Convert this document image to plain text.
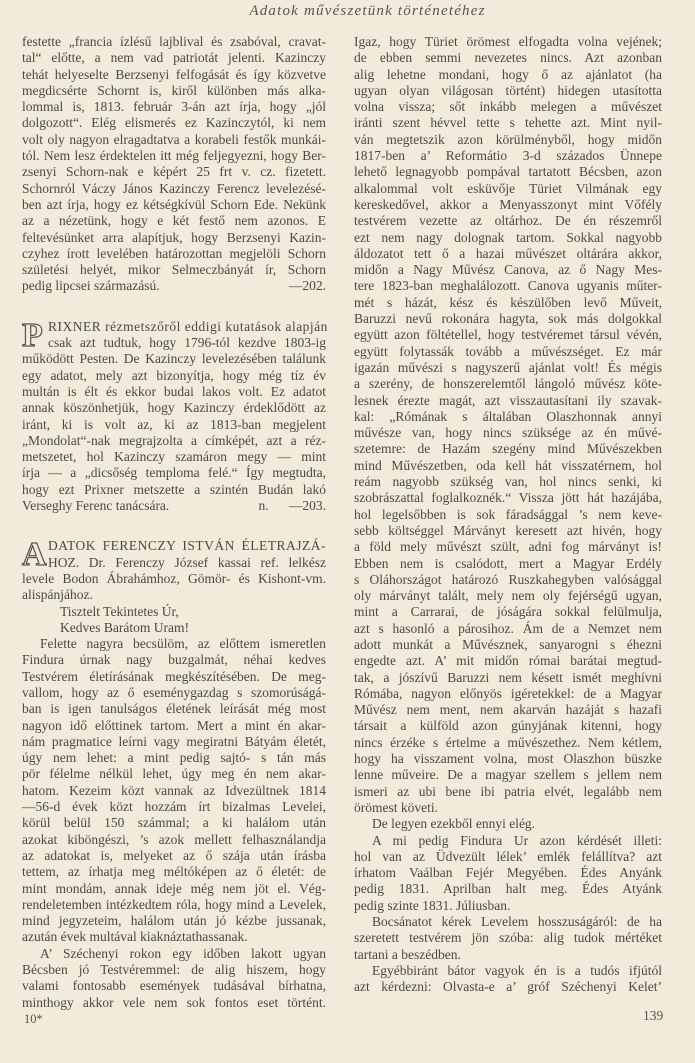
Adatok művészetünk történetéhez
festette „francia ízlésű lajblival és zsabóval, cravat-
tal“ előtte, a nem vad patriotát jelenti. Kazinczy
tehát helyeselte Berzsenyi felfogását és így közvetve
megdicsérte Schornt is, kiről különben más alka-
lommal is, 1813. február 3-án azt írja, hogy „jól
dolgozott“. Elég elismerés ez Kazinczytól, ki nem
volt oly nagyon elragadtatva a korabeli festők munkái-
tól. Nem lesz érdektelen itt még feljegyezni, hogy Ber-
zsenyi Schorn-nak e képért 25 frt v. cz. fizetett.
Schornról Váczy János Kazinczy Ferencz levelezésé-
ben azt írja, hogy ez kétségkívül Schorn Ede. Nekünk
az a nézetünk, hogy e két festő nem azonos. E
feltevésünket arra alapítjuk, hogy Berzsenyi Kazin-
czyhez írott levelében határozottan megjelöli Schorn
születési helyét, mikor Selmeczbányát ír, Schorn
pedig lipcsei származású.	—202.
P RIXNER rézmetszőről eddigi kutatások alapján
csak azt tudtuk, hogy 1796-tól kezdve 1803-ig
működött Pesten. De Kazinczy levelezésében találunk
egy adatot, mely azt bizonyítja, hogy még tíz év
multán is élt és ekkor budai lakos volt. Ez adatot
annak köszönhetjük, hogy Kazinczy érdeklődött az
iránt, ki is volt az, ki az 1813-ban megjelent
„Mondolat“-nak megrajzolta a címképét, azt a réz-
metszetet, hol Kazinczy szamáron megy — mint
írja — a „dicsőség temploma felé.“ Így megtudta,
hogy ezt Prixner metszette a szintén Budán lakó
Verseghy Ferenc tanácsára.	n.      —203.
A DATOK FERENCZY ISTVÁN ÉLETRAJZÁ-
HOZ. Dr. Ferenczy József kassai ref. lelkész
levele Bodon Ábrahámhoz, Gömör- és Kishont-vm.
alispánjához.
Tisztelt Tekintetes Úr,
Kedves Barátom Uram!
Felette nagyra becsülöm, az előttem ismeretlen
Findura úrnak nagy buzgalmát, néhai kedves
Testvérem életírásának megkészítésében. De meg-
vallom, hogy az ő eseménygazdag s szomorúságá-
ban is igen tanulságos életének leírását még most
nagyon idő előttinek tartom. Mert a mint én akar-
nám pragmatice leírni vagy megiratni Bátyám életét,
úgy nem lehet: a mint pedig sajtó- s tán más
pör félelme nélkül lehet, úgy meg én nem akar-
hatom. Kezeim közt vannak az Idvezültnek 1814
—56-d évek közt hozzám írt bizalmas Levelei,
körül belül 150 számmal; a ki halálom után
azokat kiböngészi, ’s azok mellett felhasználandja
az adatokat is, melyeket az ő szája után írásba
tettem, az írhatja meg méltóképen az ő életét: de
mint mondám, annak ideje még nem jöt el. Vég-
rendeletemben intézkedtem róla, hogy mind a Levelek,
mind jegyzeteim, halálom után jó kézbe jussanak,
azután évek multával kiaknáztathassanak.
A’ Széchenyi rokon egy időben lakott ugyan
Bécsben jó Testvéremmel: de alig hiszem, hogy
valami fontosabb események tudásával bírhatna,
minthogy akkor vele nem sok fontos eset történt.
Igaz, hogy Türiet örömest elfogadta volna vejének;
de ebben semmi nevezetes nincs. Azt azonban
alig lehetne mondani, hogy ő az ajánlatot (ha
ugyan olyan világosan történt) hidegen utasította
volna vissza; sőt inkább melegen a művészet
iránti szent hévvel tette s tehette azt. Mint nyil-
ván megtetszik azon körülményből, hogy midőn
1817-ben a’ Reformátio 3-d százados Ünnepe
lehető legnagyobb pompával tartatott Bécsben, azon
alkalommal volt esküvője Türiet Vilmának egy
kereskedővel, akkor a Menyasszonyt mint Vőfély
testvérem vezette az oltárhoz. De én részemről
ezt nem nagy dolognak tartom. Sokkal nagyobb
áldozatot tett ő a hazai művészet oltárára akkor,
midőn a Nagy Művész Canova, az ő Nagy Mes-
tere 1823-ban meghalálozott. Canova ugyanis műter-
mét s házát, kész és készülőben levő Műveit,
Baruzzi nevű rokonára hagyta, sok más dolgokkal
együtt azon föltétellel, hogy testvéremet társul vévén,
együtt folytassák tovább a művészséget. Ez már
igazán művészi s nagyszerű ajánlat volt! És mégis
a szerény, de honszerelemtől lángoló művész köte-
lesnek érezte magát, azt visszautasítani ily szavak-
kal: „Rómának s általában Olaszhonnak annyi
művésze van, hogy nincs szüksége az én művé-
szetemre: de Hazám szegény mind Művészekben
mind Művészetben, oda kell hát visszatérnem, hol
reám nagyobb szükség van, hol nincs senki, ki
szobrászattal foglalkoznék.“ Vissza jött hát hazájába,
hol legelsőbben is sok fáradsággal ’s nem keve-
sebb költséggel Márványt keresett azt hivén, hogy
a föld mely művészt szült, adni fog márványt is!
Ebben nem is csalódott, mert a Magyar Erdély
s Oláhországot határozó Ruszkahegyben valósággal
oly márványt talált, mely nem oly fejérségű ugyan,
mint a Carrarai, de jóságára sokkal felülmulja,
azt s hasonló a párosihoz. Ám de a Nemzet nem
adott munkát a Művésznek, sanyarogni s éhezni
engedte azt. A’ mit midőn római barátai megtud-
tak, a jószívű Baruzzi nem késett ismét meghívni
Rómába, nagyon előnyös igéretekkel: de a Magyar
Művész nem ment, nem akarván hazáját s hazafi
társait a külföld azon gúnyjának kitenni, hogy
nincs érzéke s értelme a művészethez. Nem kétlem,
hogy ha visszament volna, most Olaszhon büszke
lenne műveire. De a magyar szellem s jellem nem
ismeri az ubi bene ibi patria elvét, legalább nem
örömest követi.
De legyen ezekből ennyi elég.
A mi pedig Findura Ur azon kérdését illeti:
hol van az Üdvezült lélek’ emlék felállítva? azt
írhatom Vaálban Fejér Megyében. Édes Anyánk
pedig 1831. Aprilban halt meg. Édes Atyánk
pedig szinte 1831. Júliusban.
Bocsánatot kérek Levelem hosszuságáról: de ha
szeretett testvérem jön szóba: alig tudok mértéket
tartani a beszédben.
Egyébbiránt bátor vagyok én is a tudós ifjútól
azt kérdezni: Olvasta-e a’ gróf Széchenyi Kelet’
10*	139
